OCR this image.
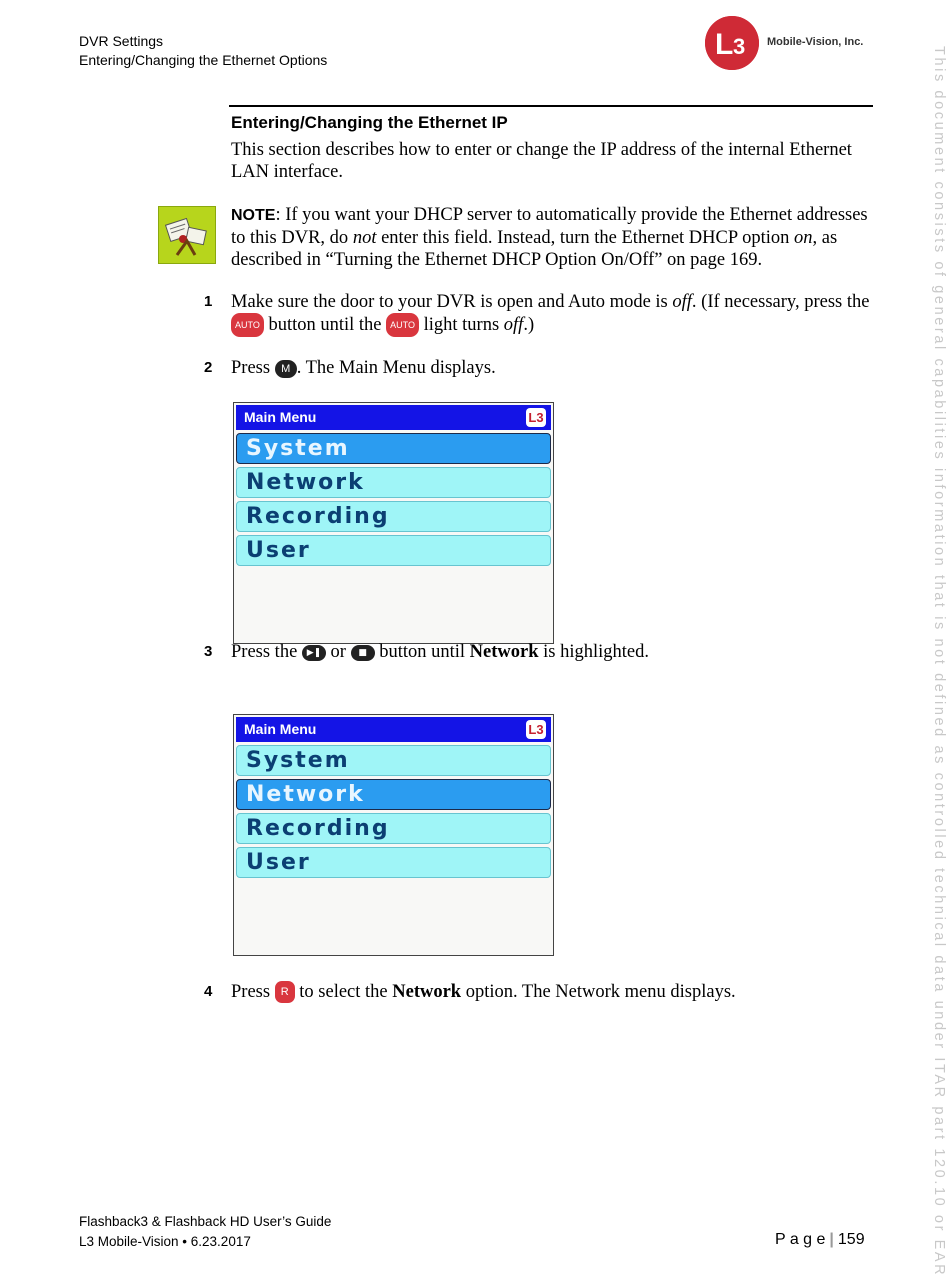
DVR Settings
Entering/Changing the Ethernet Options	L 3 Mobile-Vision, Inc.
Entering/Changing the Ethernet IP
This section describes how to enter or change the IP address of the internal Ethernet LAN interface.
NOTE: If you want your DHCP server to automatically provide the Ethernet addresses to this DVR, do not enter this field. Instead, turn the Ethernet DHCP option on, as described in “Turning the Ethernet DHCP Option On/Off” on page 169.
1 Make sure the door to your DVR is open and Auto mode is off. (If necessary, press the AUTO button until the AUTO light turns off.)
2 Press M . The Main Menu displays.
Main Menu	L3
System
Network
Recording
User
3 Press the ▶❚ or ■ button until Network is highlighted.
Main Menu	L3
System
Network
Recording
User
4 Press R to select the Network option. The Network menu displays.	This document consists of general capabilities information that is not defined as controlled technical data under ITAR part 120.10 or EAR
Flashback3 & Flashback HD User’s Guide
L3 Mobile-Vision • 6.23.2017	P a g e | 159
